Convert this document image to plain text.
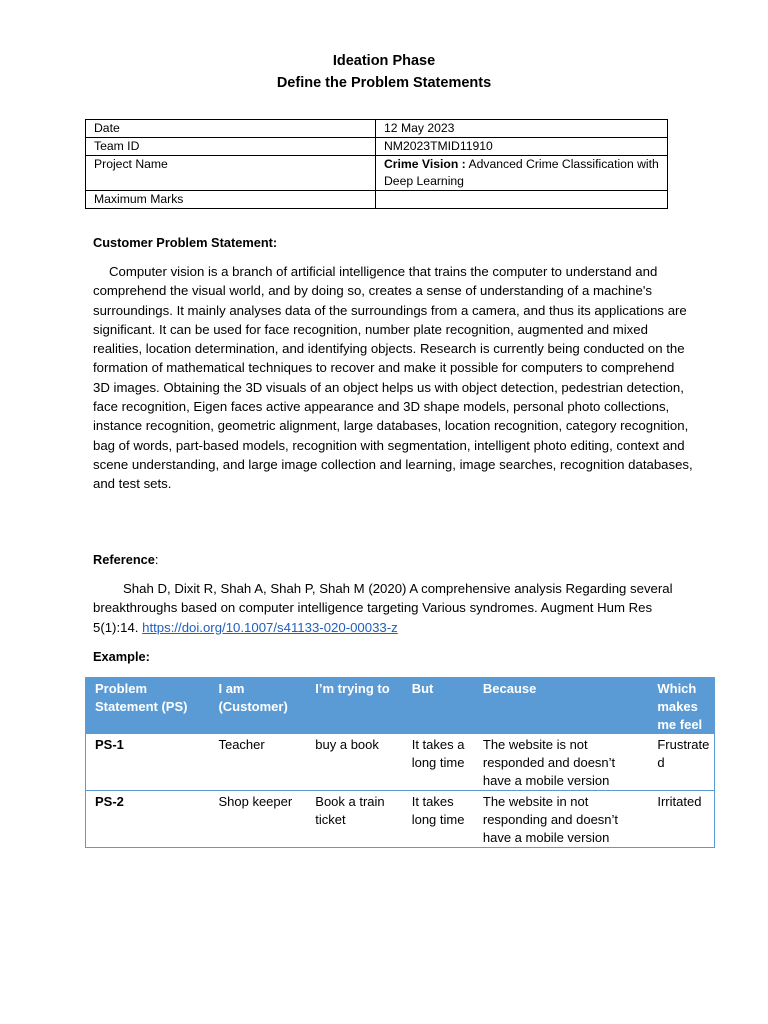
Ideation Phase
Define the Problem Statements
Date	12 May 2023
Team ID	NM2023TMID11910
Project Name	Crime Vision : Advanced Crime Classification with Deep Learning
Maximum Marks	
Customer Problem Statement:

Computer vision is a branch of artificial intelligence that trains the computer to understand and comprehend the visual world, and by doing so, creates a sense of understanding of a machine's surroundings. It mainly analyses data of the surroundings from a camera, and thus its applications are significant. It can be used for face recognition, number plate recognition, augmented and mixed realities, location determination, and identifying objects. Research is currently being conducted on the formation of mathematical techniques to recover and make it possible for computers to comprehend 3D images. Obtaining the 3D visuals of an object helps us with object detection, pedestrian detection, face recognition, Eigen faces active appearance and 3D shape models, personal photo collections, instance recognition, geometric alignment, large databases, location recognition, category recognition, bag of words, part-based models, recognition with segmentation, intelligent photo editing, context and scene understanding, and large image collection and learning, image searches, recognition databases, and test sets.

Reference:

Shah D, Dixit R, Shah A, Shah P, Shah M (2020) A comprehensive analysis Regarding several breakthroughs based on computer intelligence targeting Various syndromes. Augment Hum Res 5(1):14. https://doi.org/10.1007/s41133-020-00033-z

Example:
Problem Statement (PS)	I am (Customer)	I’m trying to	But	Because	Which makes me feel
PS-1	Teacher	buy a book	It takes a long time	The website is not responded and doesn’t have a mobile version	Frustrated
PS-2	Shop keeper	Book a train ticket	It takes long time	The website in not responding and doesn’t have a mobile version	Irritated
